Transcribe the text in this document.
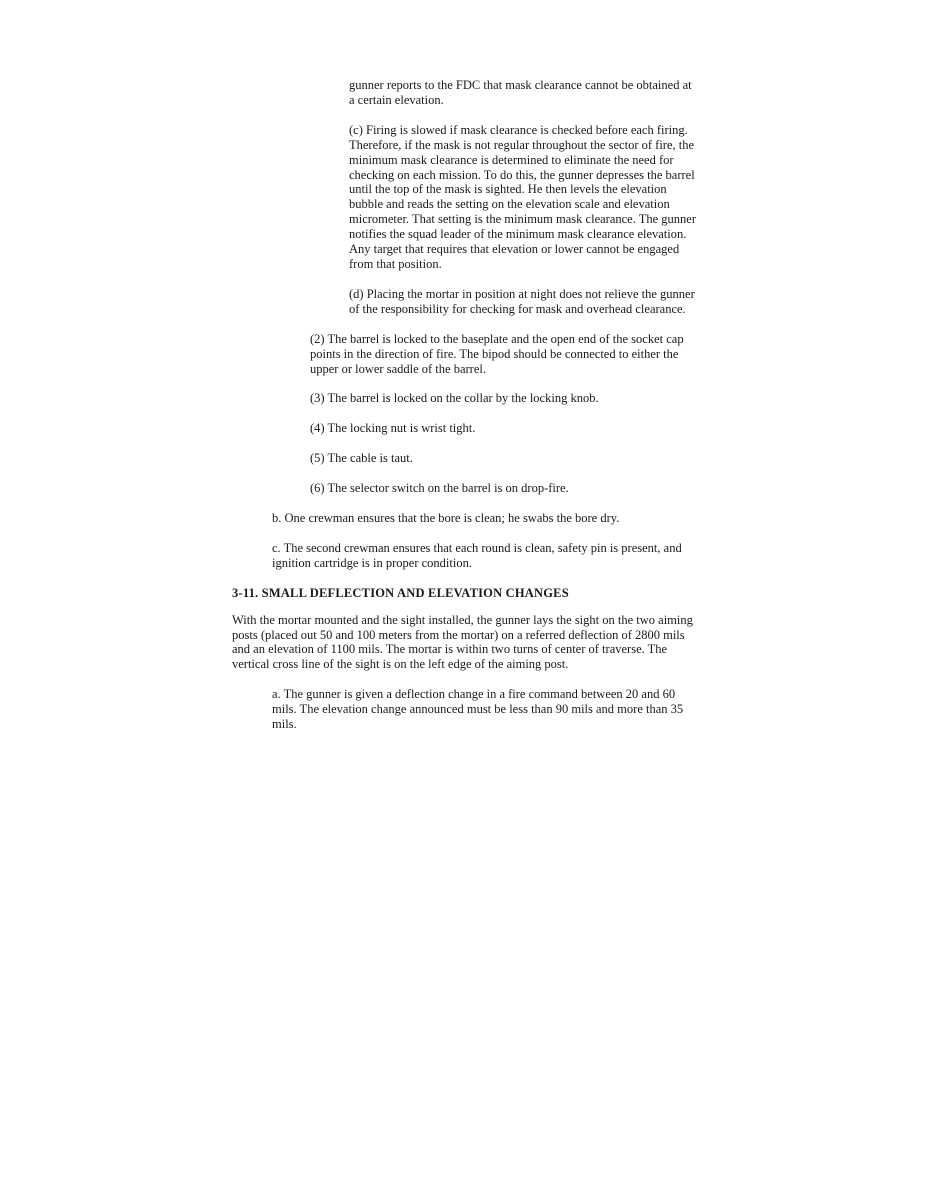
gunner reports to the FDC that mask clearance cannot be obtained at a certain elevation.
(c) Firing is slowed if mask clearance is checked before each firing. Therefore, if the mask is not regular throughout the sector of fire, the minimum mask clearance is determined to eliminate the need for checking on each mission. To do this, the gunner depresses the barrel until the top of the mask is sighted. He then levels the elevation bubble and reads the setting on the elevation scale and elevation micrometer. That setting is the minimum mask clearance. The gunner notifies the squad leader of the minimum mask clearance elevation. Any target that requires that elevation or lower cannot be engaged from that position.
(d) Placing the mortar in position at night does not relieve the gunner of the responsibility for checking for mask and overhead clearance.
(2) The barrel is locked to the baseplate and the open end of the socket cap points in the direction of fire. The bipod should be connected to either the upper or lower saddle of the barrel.
(3) The barrel is locked on the collar by the locking knob.
(4) The locking nut is wrist tight.
(5) The cable is taut.
(6) The selector switch on the barrel is on drop-fire.
b. One crewman ensures that the bore is clean; he swabs the bore dry.
c. The second crewman ensures that each round is clean, safety pin is present, and ignition cartridge is in proper condition.
3-11. SMALL DEFLECTION AND ELEVATION CHANGES
With the mortar mounted and the sight installed, the gunner lays the sight on the two aiming posts (placed out 50 and 100 meters from the mortar) on a referred deflection of 2800 mils and an elevation of 1100 mils. The mortar is within two turns of center of traverse. The vertical cross line of the sight is on the left edge of the aiming post.
a. The gunner is given a deflection change in a fire command between 20 and 60 mils. The elevation change announced must be less than 90 mils and more than 35 mils.
